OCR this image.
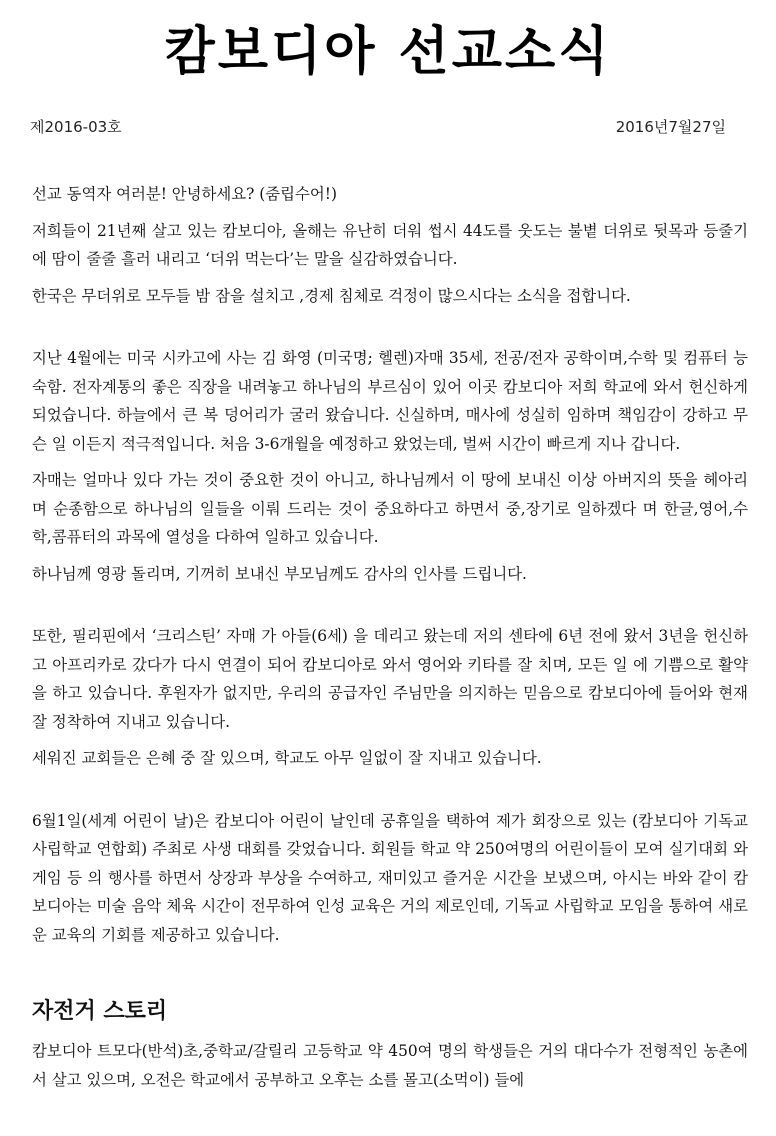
캄보디아 선교소식
제2016-03호	2016년7월27일

선교 동역자 여러분! 안녕하세요? (줌립수어!)

저희들이 21년째 살고 있는 캄보디아, 올해는 유난히 더워 썹시 44도를 웃도는 불볕 더위로 뒷목과 등줄기에 땀이 줄줄 흘러 내리고 ‘더위 먹는다’는 말을 실감하였습니다.

한국은 무더위로 모두들 밤 잠을 설치고 ,경제 침체로 걱정이 많으시다는 소식을 접합니다.

지난 4월에는 미국 시카고에 사는 김 화영 (미국명; 헬렌)자매 35세, 전공/전자 공학이며,수학 및 컴퓨터 능숙함. 전자계통의 좋은 직장을 내려놓고 하나님의 부르심이 있어 이곳 캄보디아 저희 학교에 와서 헌신하게 되었습니다. 하늘에서 큰 복 덩어리가 굴러 왔습니다. 신실하며, 매사에 성실히 임하며 책임감이 강하고 무슨 일 이든지 적극적입니다. 처음 3-6개월을 예정하고 왔었는데, 벌써 시간이 빠르게 지나 갑니다.

자매는 얼마나 있다 가는 것이 중요한 것이 아니고, 하나님께서 이 땅에 보내신 이상 아버지의 뜻을 헤아리며 순종함으로 하나님의 일들을 이뤄 드리는 것이 중요하다고 하면서 중,장기로 일하겠다 며 한글,영어,수학,콤퓨터의 과목에 열성을 다하여 일하고 있습니다.

하나님께 영광 돌리며, 기꺼히 보내신 부모님께도 감사의 인사를 드립니다.

또한, 필리핀에서 ‘크리스틴’ 자매 가 아들(6세) 을 데리고 왔는데 저의 센타에 6년 전에 왔서 3년을 헌신하고 아프리카로 갔다가 다시 연결이 되어 캄보디아로 와서 영어와 키타를 잘 치며, 모든 일 에 기쁨으로 활약을 하고 있습니다. 후원자가 없지만, 우리의 공급자인 주님만을 의지하는 믿음으로 캄보디아에 들어와 현재 잘 정착하여 지내고 있습니다.

세워진 교회들은 은혜 중 잘 있으며, 학교도 아무 일없이 잘 지내고 있습니다.

6월1일(세계 어린이 날)은 캄보디아 어린이 날인데 공휴일을 택하여 제가 회장으로 있는 (캄보디아 기독교 사립학교 연합회) 주최로 사생 대회를 갖었습니다. 회원들 학교 약 250여명의 어린이들이 모여 실기대회 와 게임 등 의 행사를 하면서 상장과 부상을 수여하고, 재미있고 즐거운 시간을 보냈으며, 아시는 바와 같이 캄보디아는 미술 음악 체육 시간이 전무하여 인성 교육은 거의 제로인데, 기독교 사립학교 모임을 통하여 새로운 교육의 기회를 제공하고 있습니다.

자전거 스토리

캄보디아 트모다(반석)초,중학교/갈릴리 고등학교 약 450여 명의 학생들은 거의 대다수가 전형적인 농촌에서 살고 있으며, 오전은 학교에서 공부하고 오후는 소를 몰고(소먹이) 들에
